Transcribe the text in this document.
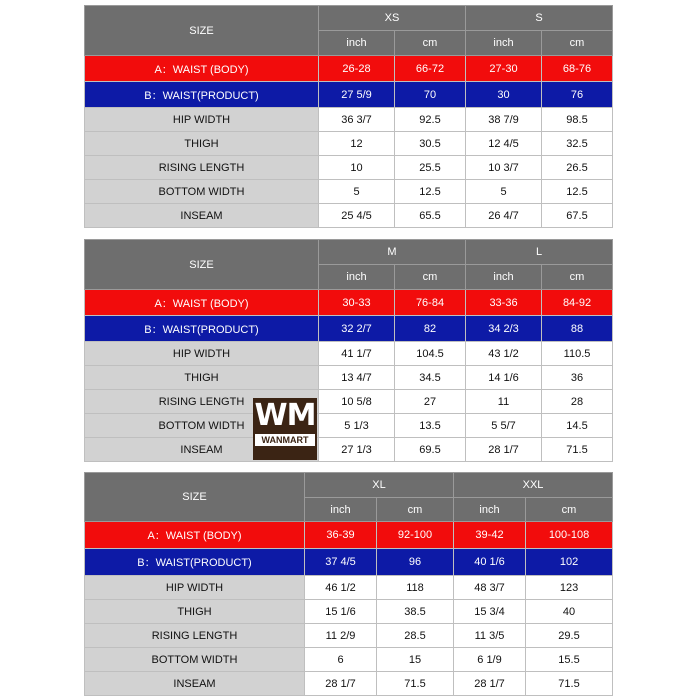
SIZE	XS		S	
	inch	cm	inch	cm
A：WAIST (BODY)	26-28	66-72	27-30	68-76
B：WAIST(PRODUCT)	27 5/9	70	30	76
HIP WIDTH	36 3/7	92.5	38 7/9	98.5
THIGH	12	30.5	12 4/5	32.5
RISING LENGTH	10	25.5	10 3/7	26.5
BOTTOM WIDTH	5	12.5	5	12.5
INSEAM	25 4/5	65.5	26 4/7	67.5
SIZE	M		L	
	inch	cm	inch	cm
A：WAIST (BODY)	30-33	76-84	33-36	84-92
B：WAIST(PRODUCT)	32 2/7	82	34 2/3	88
HIP WIDTH	41 1/7	104.5	43 1/2	110.5
THIGH	13 4/7	34.5	14 1/6	36
RISING LENGTH	10 5/8	27	11	28
BOTTOM WIDTH	5 1/3	13.5	5 5/7	14.5
INSEAM	27 1/3	69.5	28 1/7	71.5
SIZE	XL		XXL	
	inch	cm	inch	cm
A：WAIST (BODY)	36-39	92-100	39-42	100-108
B：WAIST(PRODUCT)	37 4/5	96	40 1/6	102
HIP WIDTH	46 1/2	118	48 3/7	123
THIGH	15 1/6	38.5	15 3/4	40
RISING LENGTH	11 2/9	28.5	11 3/5	29.5
BOTTOM WIDTH	6	15	6 1/9	15.5
INSEAM	28 1/7	71.5	28 1/7	71.5
WM
WANMART
